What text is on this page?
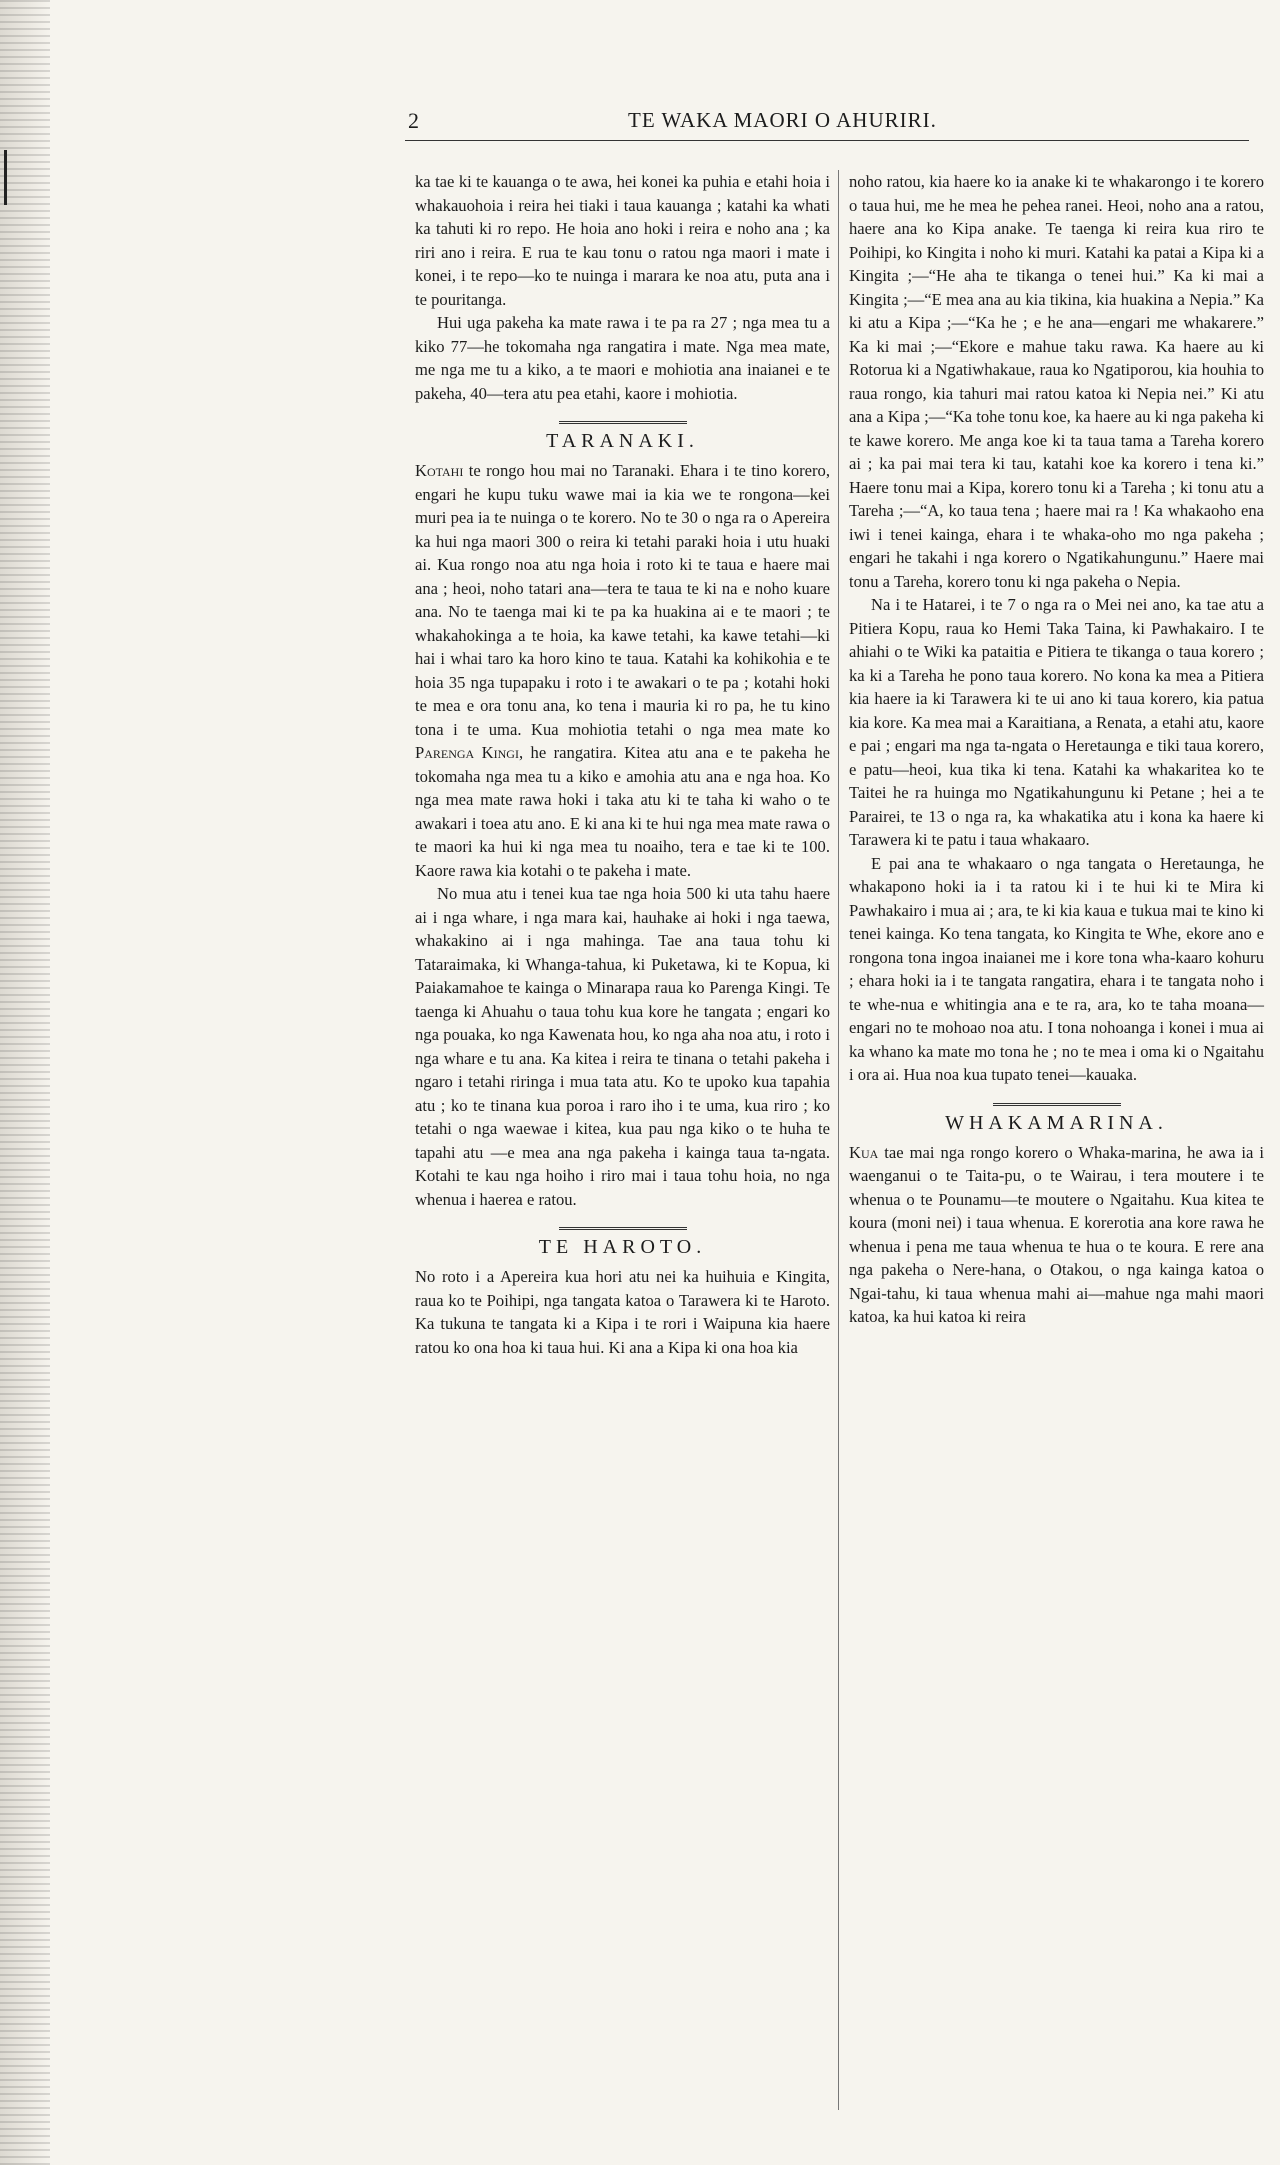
2	TE WAKA MAORI O AHURIRI.

ka tae ki te kauanga o te awa, hei konei ka puhia e etahi hoia i whakauohoia i reira hei tiaki i taua kauanga ; katahi ka whati ka tahuti ki ro repo. He hoia ano hoki i reira e noho ana ; ka riri ano i reira. E rua te kau tonu o ratou nga maori i mate i konei, i te repo—ko te nuinga i marara ke noa atu, puta ana i te pouritanga.

Hui uga pakeha ka mate rawa i te pa ra 27 ; nga mea tu a kiko 77—he tokomaha nga rangatira i mate. Nga mea mate, me nga me tu a kiko, a te maori e mohiotia ana inaianei e te pakeha, 40—tera atu pea etahi, kaore i mohiotia.

TARANAKI.

Kotahi te rongo hou mai no Taranaki. Ehara i te tino korero, engari he kupu tuku wawe mai ia kia we te rongona—kei muri pea ia te nuinga o te korero. No te 30 o nga ra o Apereira ka hui nga maori 300 o reira ki tetahi paraki hoia i utu huaki ai. Kua rongo noa atu nga hoia i roto ki te taua e haere mai ana ; heoi, noho tatari ana—tera te taua te ki na e noho kuare ana. No te taenga mai ki te pa ka huakina ai e te maori ; te whakahokinga a te hoia, ka kawe tetahi, ka kawe tetahi—ki hai i whai taro ka horo kino te taua. Katahi ka kohikohia e te hoia 35 nga tupapaku i roto i te awakari o te pa ; kotahi hoki te mea e ora tonu ana, ko tena i mauria ki ro pa, he tu kino tona i te uma. Kua mohiotia tetahi o nga mea mate ko Parenga Kingi, he rangatira. Kitea atu ana e te pakeha he tokomaha nga mea tu a kiko e amohia atu ana e nga hoa. Ko nga mea mate rawa hoki i taka atu ki te taha ki waho o te awakari i toea atu ano. E ki ana ki te hui nga mea mate rawa o te maori ka hui ki nga mea tu noaiho, tera e tae ki te 100. Kaore rawa kia kotahi o te pakeha i mate.

No mua atu i tenei kua tae nga hoia 500 ki uta tahu haere ai i nga whare, i nga mara kai, hauhake ai hoki i nga taewa, whakakino ai i nga mahinga. Tae ana taua tohu ki Tataraimaka, ki Whanga-tahua, ki Puketawa, ki te Kopua, ki Paiakamahoe te kainga o Minarapa raua ko Parenga Kingi. Te taenga ki Ahuahu o taua tohu kua kore he tangata ; engari ko nga pouaka, ko nga Kawenata hou, ko nga aha noa atu, i roto i nga whare e tu ana. Ka kitea i reira te tinana o tetahi pakeha i ngaro i tetahi riringa i mua tata atu. Ko te upoko kua tapahia atu ; ko te tinana kua poroa i raro iho i te uma, kua riro ; ko tetahi o nga waewae i kitea, kua pau nga kiko o te huha te tapahi atu —e mea ana nga pakeha i kainga taua ta-ngata. Kotahi te kau nga hoiho i riro mai i taua tohu hoia, no nga whenua i haerea e ratou.

TE HAROTO.

No roto i a Apereira kua hori atu nei ka huihuia e Kingita, raua ko te Poihipi, nga tangata katoa o Tarawera ki te Haroto. Ka tukuna te tangata ki a Kipa i te rori i Waipuna kia haere ratou ko ona hoa ki taua hui. Ki ana a Kipa ki ona hoa kia

noho ratou, kia haere ko ia anake ki te whakarongo i te korero o taua hui, me he mea he pehea ranei. Heoi, noho ana a ratou, haere ana ko Kipa anake. Te taenga ki reira kua riro te Poihipi, ko Kingita i noho ki muri. Katahi ka patai a Kipa ki a Kingita ;—“He aha te tikanga o tenei hui.” Ka ki mai a Kingita ;—“E mea ana au kia tikina, kia huakina a Nepia.” Ka ki atu a Kipa ;—“Ka he ; e he ana—engari me whakarere.” Ka ki mai ;—“Ekore e mahue taku rawa. Ka haere au ki Rotorua ki a Ngatiwhakaue, raua ko Ngatiporou, kia houhia to raua rongo, kia tahuri mai ratou katoa ki Nepia nei.” Ki atu ana a Kipa ;—“Ka tohe tonu koe, ka haere au ki nga pakeha ki te kawe korero. Me anga koe ki ta taua tama a Tareha korero ai ; ka pai mai tera ki tau, katahi koe ka korero i tena ki.” Haere tonu mai a Kipa, korero tonu ki a Tareha ; ki tonu atu a Tareha ;—“A, ko taua tena ; haere mai ra ! Ka whakaoho ena iwi i tenei kainga, ehara i te whaka-oho mo nga pakeha ; engari he takahi i nga korero o Ngatikahungunu.” Haere mai tonu a Tareha, korero tonu ki nga pakeha o Nepia.

Na i te Hatarei, i te 7 o nga ra o Mei nei ano, ka tae atu a Pitiera Kopu, raua ko Hemi Taka Taina, ki Pawhakairo. I te ahiahi o te Wiki ka pataitia e Pitiera te tikanga o taua korero ; ka ki a Tareha he pono taua korero. No kona ka mea a Pitiera kia haere ia ki Tarawera ki te ui ano ki taua korero, kia patua kia kore. Ka mea mai a Karaitiana, a Renata, a etahi atu, kaore e pai ; engari ma nga ta-ngata o Heretaunga e tiki taua korero, e patu—heoi, kua tika ki tena. Katahi ka whakaritea ko te Taitei he ra huinga mo Ngatikahungunu ki Petane ; hei a te Parairei, te 13 o nga ra, ka whakatika atu i kona ka haere ki Tarawera ki te patu i taua whakaaro.

E pai ana te whakaaro o nga tangata o Heretaunga, he whakapono hoki ia i ta ratou ki i te hui ki te Mira ki Pawhakairo i mua ai ; ara, te ki kia kaua e tukua mai te kino ki tenei kainga. Ko tena tangata, ko Kingita te Whe, ekore ano e rongona tona ingoa inaianei me i kore tona wha-kaaro kohuru ; ehara hoki ia i te tangata rangatira, ehara i te tangata noho i te whe-nua e whitingia ana e te ra, ara, ko te taha moana—engari no te mohoao noa atu. I tona nohoanga i konei i mua ai ka whano ka mate mo tona he ; no te mea i oma ki o Ngaitahu i ora ai. Hua noa kua tupato tenei—kauaka.

WHAKAMARINA.

Kua tae mai nga rongo korero o Whaka-marina, he awa ia i waenganui o te Taita-pu, o te Wairau, i tera moutere i te whenua o te Pounamu—te moutere o Ngaitahu. Kua kitea te koura (moni nei) i taua whenua. E korerotia ana kore rawa he whenua i pena me taua whenua te hua o te koura. E rere ana nga pakeha o Nere-hana, o Otakou, o nga kainga katoa o Ngai-tahu, ki taua whenua mahi ai—mahue nga mahi maori katoa, ka hui katoa ki reira
